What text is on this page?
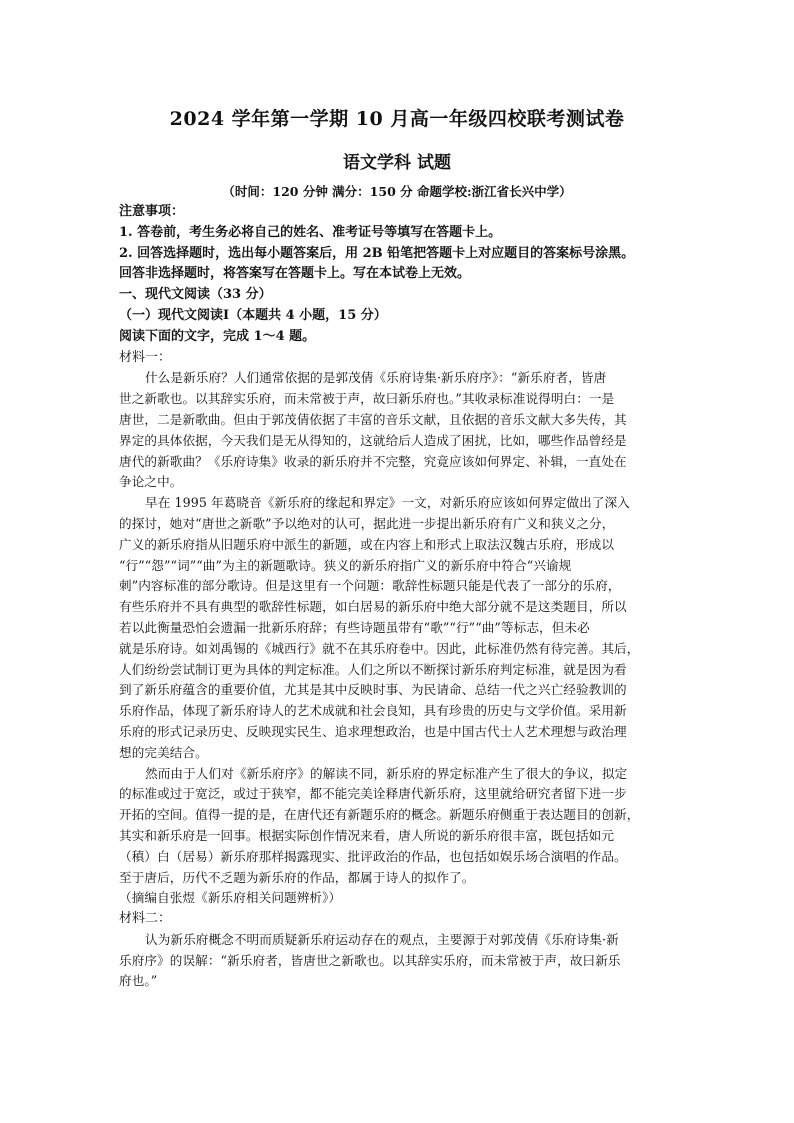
2024 学年第一学期 10 月高一年级四校联考测试卷
语文学科 试题
（时间：120 分钟 满分：150 分 命题学校:浙江省长兴中学）
注意事项：
1. 答卷前，考生务必将自己的姓名、准考证号等填写在答题卡上。
2. 回答选择题时，选出每小题答案后，用 2B 铅笔把答题卡上对应题目的答案标号涂黑。
回答非选择题时，将答案写在答题卡上。写在本试卷上无效。
一、现代文阅读（33 分）
（一）现代文阅读Ⅰ（本题共 4 小题，15 分）
阅读下面的文字，完成 1～4 题。
材料一：
什么是新乐府？人们通常依据的是郭茂倩《乐府诗集·新乐府序》：“新乐府者，皆唐
世之新歌也。以其辞实乐府，而未常被于声，故曰新乐府也。”其收录标准说得明白：一是
唐世，二是新歌曲。但由于郭茂倩依据了丰富的音乐文献，且依据的音乐文献大多失传，其
界定的具体依据，今天我们是无从得知的，这就给后人造成了困扰，比如，哪些作品曾经是
唐代的新歌曲？《乐府诗集》收录的新乐府并不完整，究竟应该如何界定、补辑，一直处在
争论之中。
早在 1995 年葛晓音《新乐府的缘起和界定》一文，对新乐府应该如何界定做出了深入
的探讨，她对“唐世之新歌”予以绝对的认可，据此进一步提出新乐府有广义和狭义之分，
广义的新乐府指从旧题乐府中派生的新题，或在内容上和形式上取法汉魏古乐府，形成以
“行”“怨”“词”“曲”为主的新题歌诗。狭义的新乐府指广义的新乐府中符合“兴谕规
刺”内容标准的部分歌诗。但是这里有一个问题：歌辞性标题只能是代表了一部分的乐府，
有些乐府并不具有典型的歌辞性标题，如白居易的新乐府中绝大部分就不是这类题目，所以
若以此衡量恐怕会遗漏一批新乐府辞；有些诗题虽带有“歌”“行”“曲”等标志，但未必
就是乐府诗。如刘禹锡的《城西行》就不在其乐府卷中。因此，此标准仍然有待完善。其后，
人们纷纷尝试制订更为具体的判定标准。人们之所以不断探讨新乐府判定标准，就是因为看
到了新乐府蕴含的重要价值，尤其是其中反映时事、为民请命、总结一代之兴亡经验教训的
乐府作品，体现了新乐府诗人的艺术成就和社会良知，具有珍贵的历史与文学价值。采用新
乐府的形式记录历史、反映现实民生、追求理想政治，也是中国古代士人艺术理想与政治理
想的完美结合。
然而由于人们对《新乐府序》的解读不同，新乐府的界定标准产生了很大的争议，拟定
的标准或过于宽泛，或过于狭窄，都不能完美诠释唐代新乐府，这里就给研究者留下进一步
开拓的空间。值得一提的是，在唐代还有新题乐府的概念。新题乐府侧重于表达题目的创新，
其实和新乐府是一回事。根据实际创作情况来看，唐人所说的新乐府很丰富，既包括如元
（稹）白（居易）新乐府那样揭露现实、批评政治的作品，也包括如娱乐场合演唱的作品。
至于唐后，历代不乏题为新乐府的作品，都属于诗人的拟作了。
（摘编自张煜《新乐府相关问题辨析》）
材料二：
认为新乐府概念不明而质疑新乐府运动存在的观点，主要源于对郭茂倩《乐府诗集·新
乐府序》的误解：“新乐府者，皆唐世之新歌也。以其辞实乐府，而未常被于声，故曰新乐
府也。”
